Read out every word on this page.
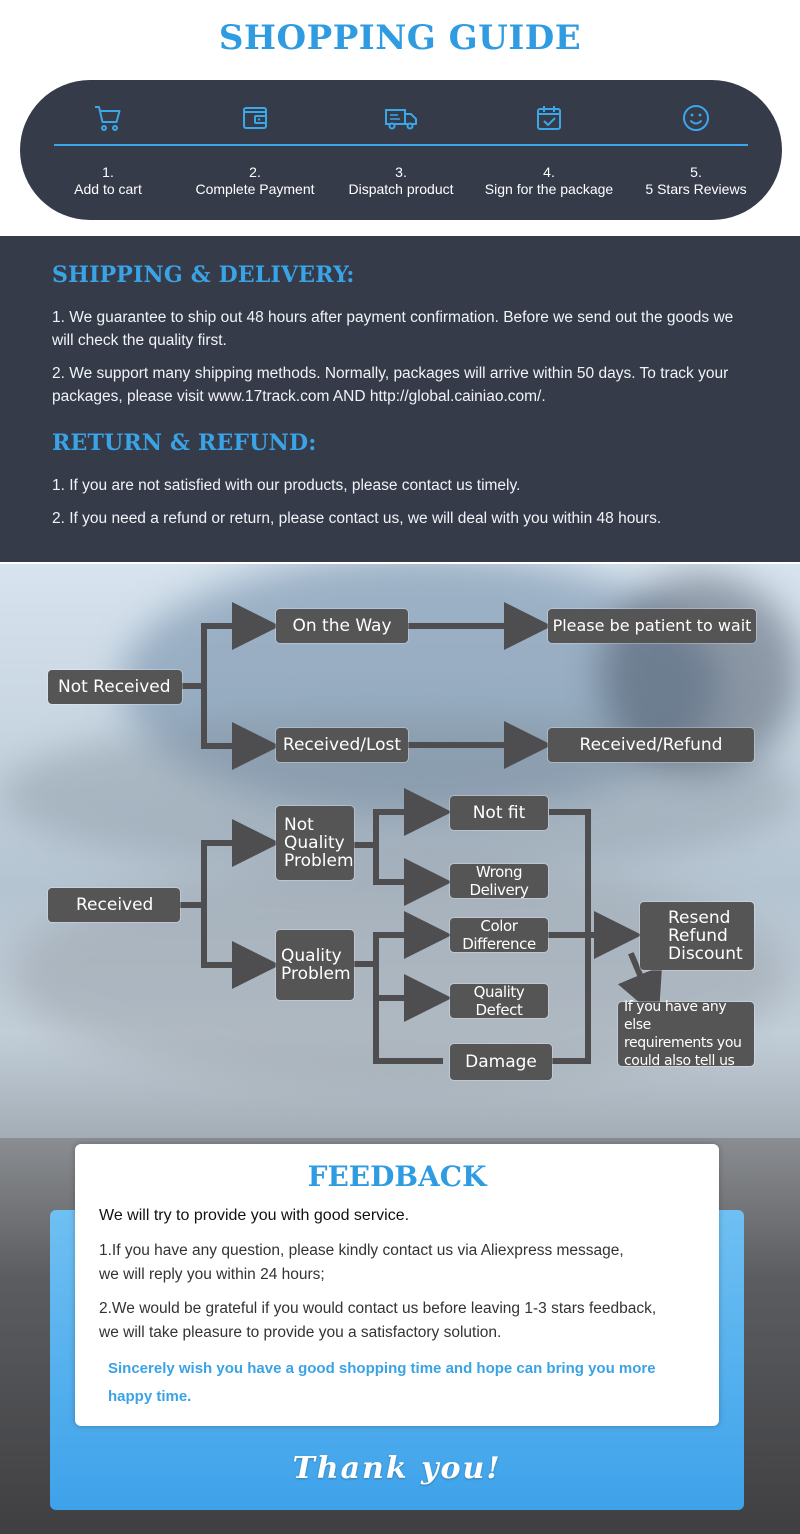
SHOPPING GUIDE
1.
Add to cart
2.
Complete Payment
3.
Dispatch product
4.
Sign for the package
5.
5 Stars Reviews
SHIPPING & DELIVERY:

1. We guarantee to ship out 48 hours after payment confirmation. Before we send out the goods we will check the quality first.

2. We support many shipping methods. Normally, packages will arrive within 50 days. To track your packages, please visit www.17track.com AND http://global.cainiao.com/.

RETURN & REFUND:

1. If you are not satisfied with our products, please contact us timely.

2. If you need a refund or return, please contact us, we will deal with you within 48 hours.

Not Received
On the Way	Please be patient to wait
Received/Lost	Received/Refund
Received
Not
Quality
Problem
Quality
Problem
Not fit
Wrong Delivery
Color Difference
Quality Defect
Damage
Resend
Refund
Discount
If you have any else
requirements you
could also tell us
FEEDBACK

We will try to provide you with good service.

1.If you have any question, please kindly contact us via Aliexpress message,
we will reply you within 24 hours;
2.We would be grateful if you would contact us before leaving 1-3 stars feedback,
we will take pleasure to provide you a satisfactory solution.
Sincerely wish you have a good shopping time and hope can bring you more
happy time.
Thank you!
